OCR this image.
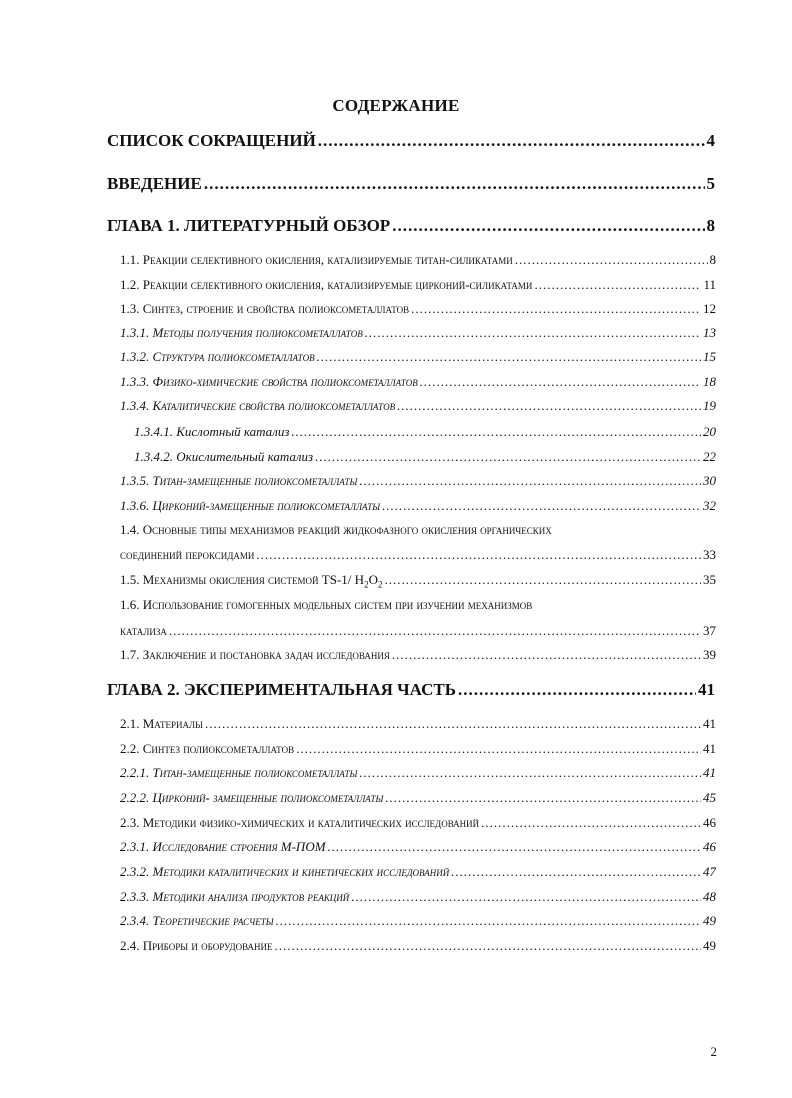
СОДЕРЖАНИЕ
СПИСОК СОКРАЩЕНИЙ .....	4
ВВЕДЕНИЕ .....	5
ГЛАВА 1. ЛИТЕРАТУРНЫЙ ОБЗОР .....	8
1.1. Реакции селективного окисления, катализируемые титан-силикатами .....	8
1.2. Реакции селективного окисления, катализируемые цирконий-силикатами .....	11
1.3. Синтез, строение и свойства полиоксометаллатов .....	12
1.3.1. Методы получения полиоксометаллатов .....	13
1.3.2. Структура полиоксометаллатов .....	15
1.3.3. Физико-химические свойства полиоксометаллатов .....	18
1.3.4. Каталитические свойства полиоксометаллатов .....	19
1.3.4.1. Кислотный катализ .....	20
1.3.4.2. Окислительный катализ .....	22
1.3.5. Титан-замещенные полиоксометаллаты .....	30
1.3.6. Цирконий-замещенные полиоксометаллаты .....	32
1.4. Основные типы механизмов реакций жидкофазного окисления органических
соединений пероксидами .....	33
1.5. Механизмы окисления системой TS-1/ $H_2O_2$ .....	35
1.6. Использование гомогенных модельных систем при изучении механизмов
катализа .....	37
1.7. Заключение и постановка задач исследования .....	39
ГЛАВА 2. ЭКСПЕРИМЕНТАЛЬНАЯ ЧАСТЬ .....	41
2.1. Материалы .....	41
2.2. Синтез полиоксометаллатов .....	41
2.2.1. Титан-замещенные полиоксометаллаты .....	41
2.2.2. Цирконий- замещенные полиоксометаллаты .....	45
2.3. Методики физико-химических и каталитических исследований .....	46
2.3.1. Исследование строения М-ПОМ .....	46
2.3.2. Методики каталитических и кинетических исследований .....	47
2.3.3. Методики анализа продуктов реакций .....	48
2.3.4. Теоретические расчеты .....	49
2.4. Приборы и оборудование .....	49
2
